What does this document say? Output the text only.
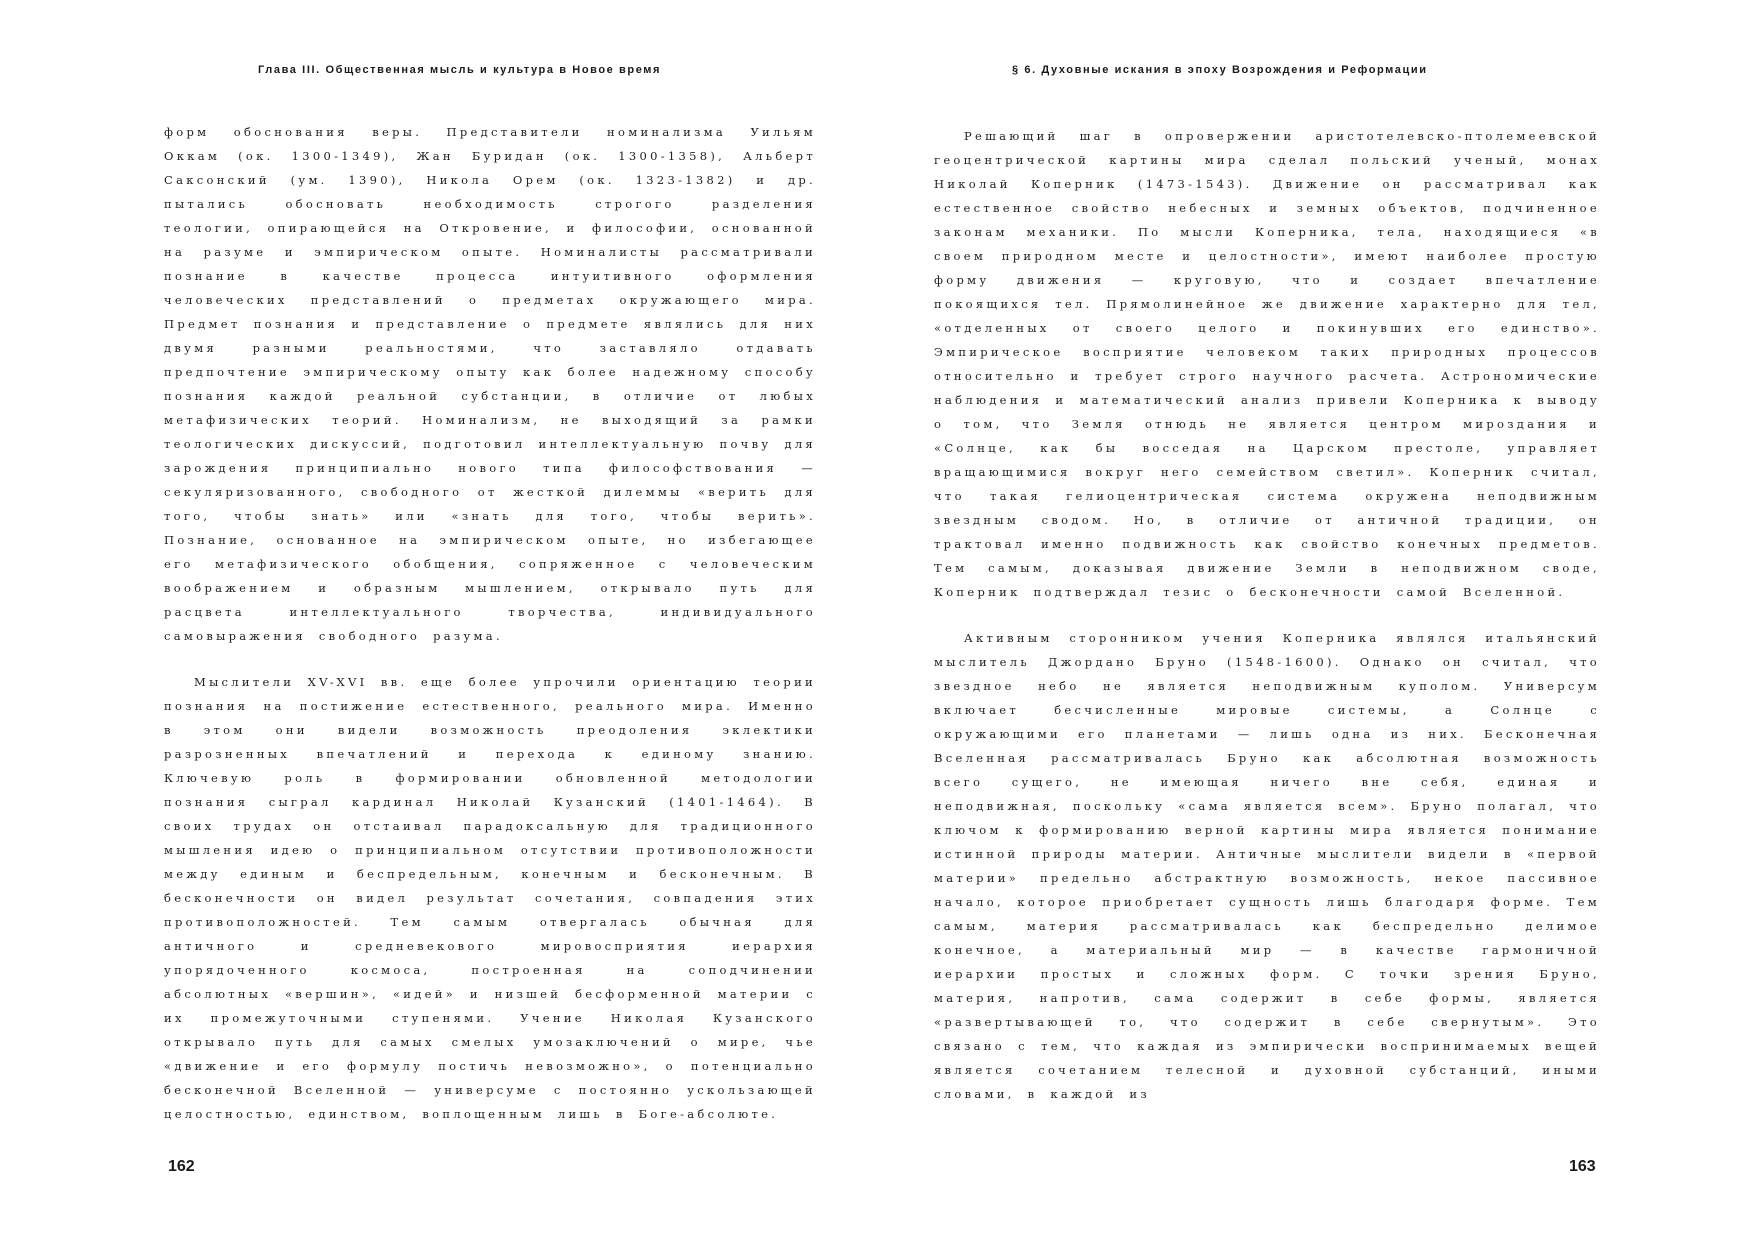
Глава III. Общественная мысль и культура в Новое время

форм обоснования веры. Представители номинализма Уильям Оккам (ок. 1300-1349), Жан Буридан (ок. 1300-1358), Альберт Саксонский (ум. 1390), Никола Орем (ок. 1323-1382) и др. пытались обосновать необходимость строгого разделения теологии, опирающейся на Откровение, и философии, основанной на разуме и эмпирическом опыте. Номиналисты рассматривали познание в качестве процесса интуитивного оформления человеческих представлений о предметах окружающего мира. Предмет познания и представление о предмете являлись для них двумя разными реальностями, что заставляло отдавать предпочтение эмпирическому опыту как более надежному способу познания каждой реальной субстанции, в отличие от любых метафизических теорий. Номинализм, не выходящий за рамки теологических дискуссий, подготовил интеллектуальную почву для зарождения принципиально нового типа философствования — секуляризованного, свободного от жесткой дилеммы «верить для того, чтобы знать» или «знать для того, чтобы верить». Познание, основанное на эмпирическом опыте, но избегающее его метафизического обобщения, сопряженное с человеческим воображением и образным мышлением, открывало путь для расцвета интеллектуального творчества, индивидуального самовыражения свободного разума.

Мыслители XV-XVI вв. еще более упрочили ориентацию теории познания на постижение естественного, реального мира. Именно в этом они видели возможность преодоления эклектики разрозненных впечатлений и перехода к единому знанию. Ключевую роль в формировании обновленной методологии познания сыграл кардинал Николай Кузанский (1401-1464). В своих трудах он отстаивал парадоксальную для традиционного мышления идею о принципиальном отсутствии противоположности между единым и беспредельным, конечным и бесконечным. В бесконечности он видел результат сочетания, совпадения этих противоположностей. Тем самым отвергалась обычная для античного и средневекового мировосприятия иерархия упорядоченного космоса, построенная на соподчинении абсолютных «вершин», «идей» и низшей бесформенной материи с их промежуточными ступенями. Учение Николая Кузанского открывало путь для самых смелых умозаключений о мире, чье «движение и его формулу постичь невозможно», о потенциально бесконечной Вселенной — универсуме с постоянно ускользающей целостностью, единством, воплощенным лишь в Боге-абсолюте.

162
§ 6. Духовные искания в эпоху Возрождения и Реформации

Решающий шаг в опровержении аристотелевско-птолемеевской геоцентрической картины мира сделал польский ученый, монах Николай Коперник (1473-1543). Движение он рассматривал как естественное свойство небесных и земных объектов, подчиненное законам механики. По мысли Коперника, тела, находящиеся «в своем природном месте и целостности», имеют наиболее простую форму движения — круговую, что и создает впечатление покоящихся тел. Прямолинейное же движение характерно для тел, «отделенных от своего целого и покинувших его единство». Эмпирическое восприятие человеком таких природных процессов относительно и требует строго научного расчета. Астрономические наблюдения и математический анализ привели Коперника к выводу о том, что Земля отнюдь не является центром мироздания и «Солнце, как бы восседая на Царском престоле, управляет вращающимися вокруг него семейством светил». Коперник считал, что такая гелиоцентрическая система окружена неподвижным звездным сводом. Но, в отличие от античной традиции, он трактовал именно подвижность как свойство конечных предметов. Тем самым, доказывая движение Земли в неподвижном своде, Коперник подтверждал тезис о бесконечности самой Вселенной.

Активным сторонником учения Коперника являлся итальянский мыслитель Джордано Бруно (1548-1600). Однако он считал, что звездное небо не является неподвижным куполом. Универсум включает бесчисленные мировые системы, а Солнце с окружающими его планетами — лишь одна из них. Бесконечная Вселенная рассматривалась Бруно как абсолютная возможность всего сущего, не имеющая ничего вне себя, единая и неподвижная, поскольку «сама является всем». Бруно полагал, что ключом к формированию верной картины мира является понимание истинной природы материи. Античные мыслители видели в «первой материи» предельно абстрактную возможность, некое пассивное начало, которое приобретает сущность лишь благодаря форме. Тем самым, материя рассматривалась как беспредельно делимое конечное, а материальный мир — в качестве гармоничной иерархии простых и сложных форм. С точки зрения Бруно, материя, напротив, сама содержит в себе формы, является «развертывающей то, что содержит в себе свернутым». Это связано с тем, что каждая из эмпирически воспринимаемых вещей является сочетанием телесной и духовной субстанций, иными словами, в каждой из

163
